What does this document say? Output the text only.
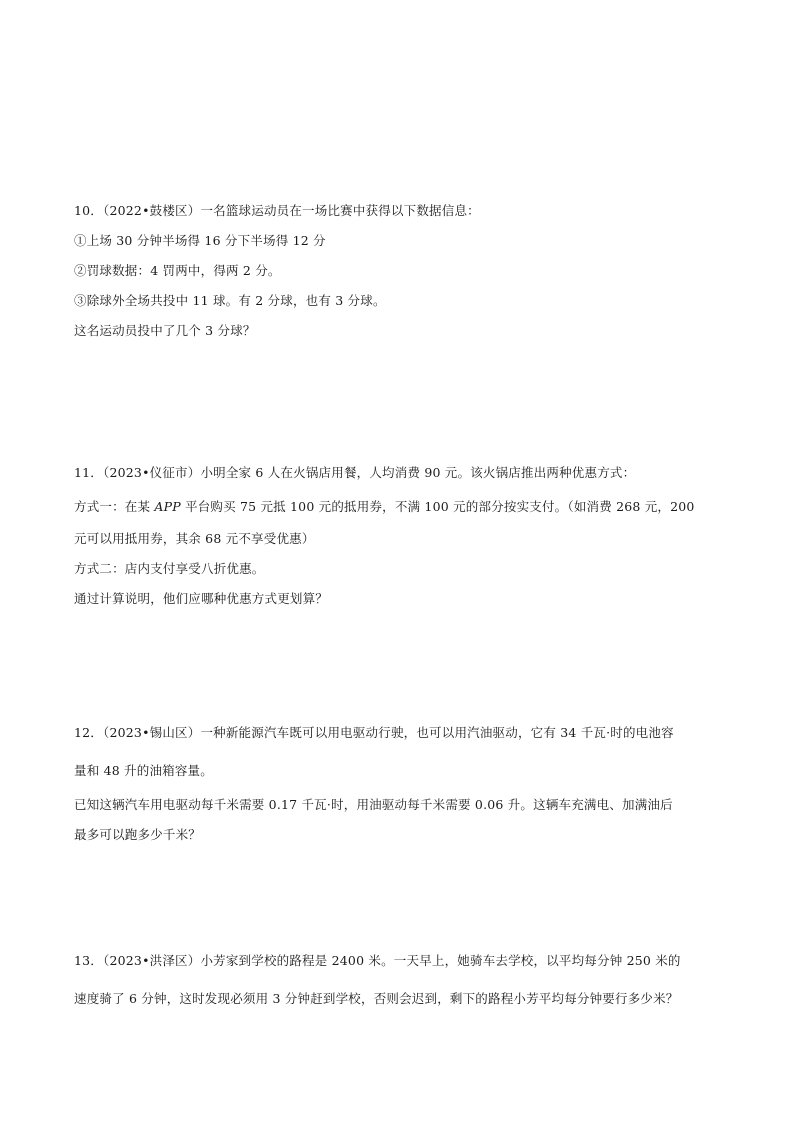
10．（2022•鼓楼区）一名篮球运动员在一场比赛中获得以下数据信息：
①上场 30 分钟半场得 16 分下半场得 12 分
②罚球数据：4 罚两中，得两 2 分。
③除球外全场共投中 11 球。有 2 分球，也有 3 分球。
这名运动员投中了几个 3 分球？
11．（2023•仪征市）小明全家 6 人在火锅店用餐，人均消费 90 元。该火锅店推出两种优惠方式：
方式一：在某 APP 平台购买 75 元抵 100 元的抵用券，不满 100 元的部分按实支付。（如消费 268 元，200
元可以用抵用券，其余 68 元不享受优惠）
方式二：店内支付享受八折优惠。
通过计算说明，他们应哪种优惠方式更划算？
12．（2023•锡山区）一种新能源汽车既可以用电驱动行驶，也可以用汽油驱动，它有 34 千瓦·时的电池容
量和 48 升的油箱容量。
已知这辆汽车用电驱动每千米需要 0.17 千瓦·时，用油驱动每千米需要 0.06 升。这辆车充满电、加满油后
最多可以跑多少千米？
13．（2023•洪泽区）小芳家到学校的路程是 2400 米。一天早上，她骑车去学校，以平均每分钟 250 米的
速度骑了 6 分钟，这时发现必须用 3 分钟赶到学校，否则会迟到，剩下的路程小芳平均每分钟要行多少米？
